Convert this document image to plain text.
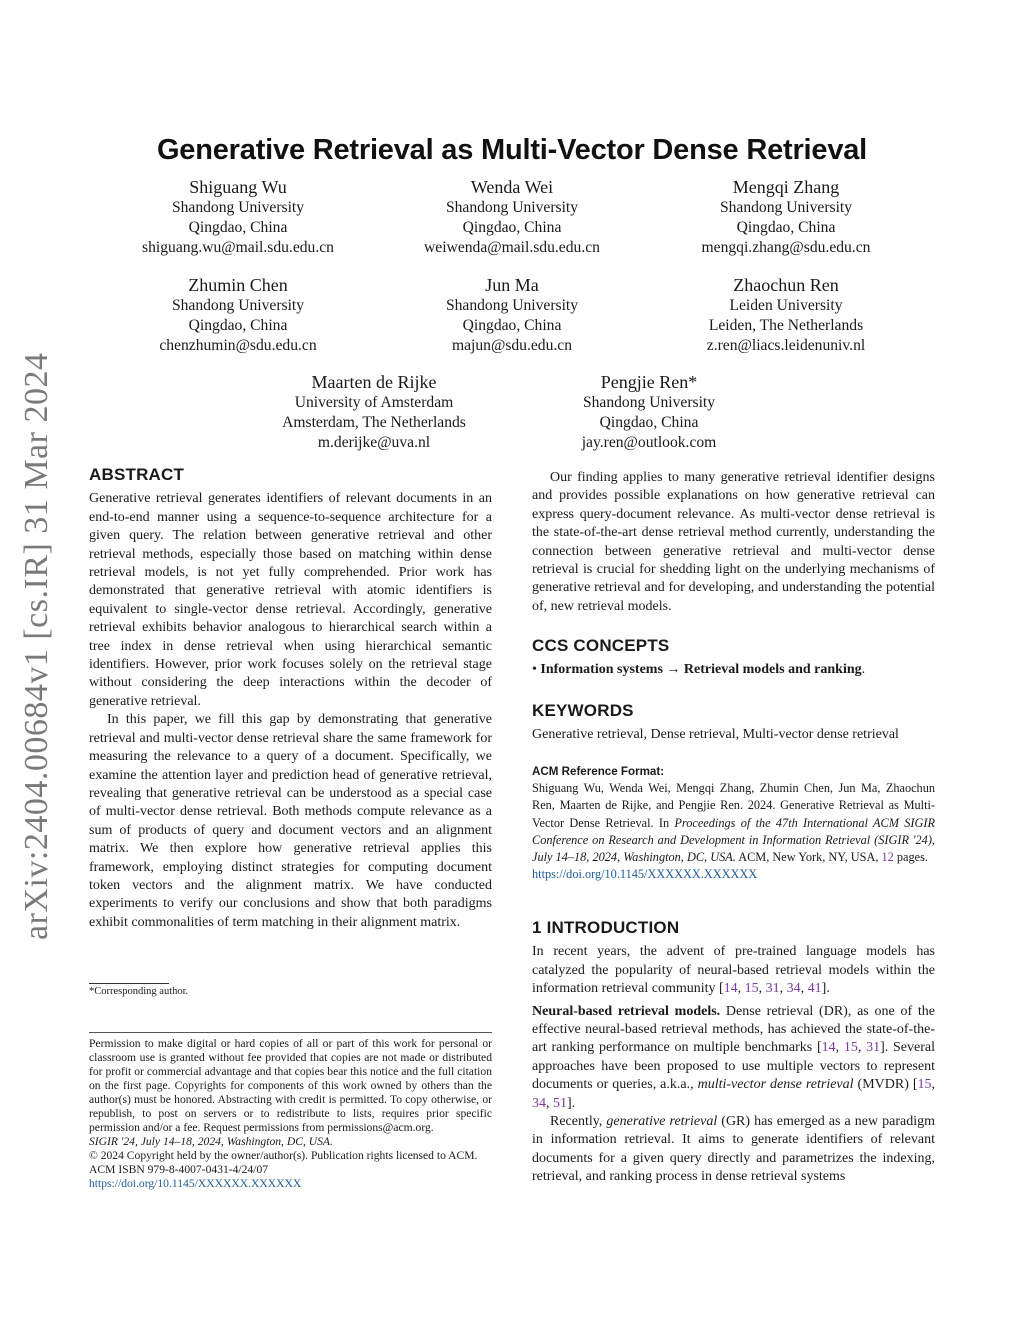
arXiv:2404.00684v1 [cs.IR] 31 Mar 2024
Generative Retrieval as Multi-Vector Dense Retrieval
Shiguang Wu
Shandong University
Qingdao, China
shiguang.wu@mail.sdu.edu.cn
Wenda Wei
Shandong University
Qingdao, China
weiwenda@mail.sdu.edu.cn
Mengqi Zhang
Shandong University
Qingdao, China
mengqi.zhang@sdu.edu.cn
Zhumin Chen
Shandong University
Qingdao, China
chenzhumin@sdu.edu.cn
Jun Ma
Shandong University
Qingdao, China
majun@sdu.edu.cn
Zhaochun Ren
Leiden University
Leiden, The Netherlands
z.ren@liacs.leidenuniv.nl
Maarten de Rijke
University of Amsterdam
Amsterdam, The Netherlands
m.derijke@uva.nl
Pengjie Ren*
Shandong University
Qingdao, China
jay.ren@outlook.com
ABSTRACT
Generative retrieval generates identifiers of relevant documents in an end-to-end manner using a sequence-to-sequence architecture for a given query. The relation between generative retrieval and other retrieval methods, especially those based on matching within dense retrieval models, is not yet fully comprehended. Prior work has demonstrated that generative retrieval with atomic identifiers is equivalent to single-vector dense retrieval. Accordingly, generative retrieval exhibits behavior analogous to hierarchical search within a tree index in dense retrieval when using hierarchical semantic identifiers. However, prior work focuses solely on the retrieval stage without considering the deep interactions within the decoder of generative retrieval.
In this paper, we fill this gap by demonstrating that generative retrieval and multi-vector dense retrieval share the same framework for measuring the relevance to a query of a document. Specifically, we examine the attention layer and prediction head of generative retrieval, revealing that generative retrieval can be understood as a special case of multi-vector dense retrieval. Both methods compute relevance as a sum of products of query and document vectors and an alignment matrix. We then explore how generative retrieval applies this framework, employing distinct strategies for computing document token vectors and the alignment matrix. We have conducted experiments to verify our conclusions and show that both paradigms exhibit commonalities of term matching in their alignment matrix.
*Corresponding author.
Permission to make digital or hard copies of all or part of this work for personal or classroom use is granted without fee provided that copies are not made or distributed for profit or commercial advantage and that copies bear this notice and the full citation on the first page. Copyrights for components of this work owned by others than the author(s) must be honored. Abstracting with credit is permitted. To copy otherwise, or republish, to post on servers or to redistribute to lists, requires prior specific permission and/or a fee. Request permissions from permissions@acm.org.
SIGIR '24, July 14–18, 2024, Washington, DC, USA.
© 2024 Copyright held by the owner/author(s). Publication rights licensed to ACM.
ACM ISBN 979-8-4007-0431-4/24/07
https://doi.org/10.1145/XXXXXX.XXXXXX
Our finding applies to many generative retrieval identifier designs and provides possible explanations on how generative retrieval can express query-document relevance. As multi-vector dense retrieval is the state-of-the-art dense retrieval method currently, understanding the connection between generative retrieval and multi-vector dense retrieval is crucial for shedding light on the underlying mechanisms of generative retrieval and for developing, and understanding the potential of, new retrieval models.
CCS CONCEPTS
• Information systems → Retrieval models and ranking.
KEYWORDS
Generative retrieval, Dense retrieval, Multi-vector dense retrieval
ACM Reference Format:
Shiguang Wu, Wenda Wei, Mengqi Zhang, Zhumin Chen, Jun Ma, Zhaochun Ren, Maarten de Rijke, and Pengjie Ren. 2024. Generative Retrieval as Multi-Vector Dense Retrieval. In Proceedings of the 47th International ACM SIGIR Conference on Research and Development in Information Retrieval (SIGIR '24), July 14–18, 2024, Washington, DC, USA. ACM, New York, NY, USA, 12 pages.
https://doi.org/10.1145/XXXXXX.XXXXXX
1 INTRODUCTION
In recent years, the advent of pre-trained language models has catalyzed the popularity of neural-based retrieval models within the information retrieval community [14, 15, 31, 34, 41].
Neural-based retrieval models. Dense retrieval (DR), as one of the effective neural-based retrieval methods, has achieved the state-of-the-art ranking performance on multiple benchmarks [14, 15, 31]. Several approaches have been proposed to use multiple vectors to represent documents or queries, a.k.a., multi-vector dense retrieval (MVDR) [15, 34, 51].
Recently, generative retrieval (GR) has emerged as a new paradigm in information retrieval. It aims to generate identifiers of relevant documents for a given query directly and parametrizes the indexing, retrieval, and ranking process in dense retrieval systems
